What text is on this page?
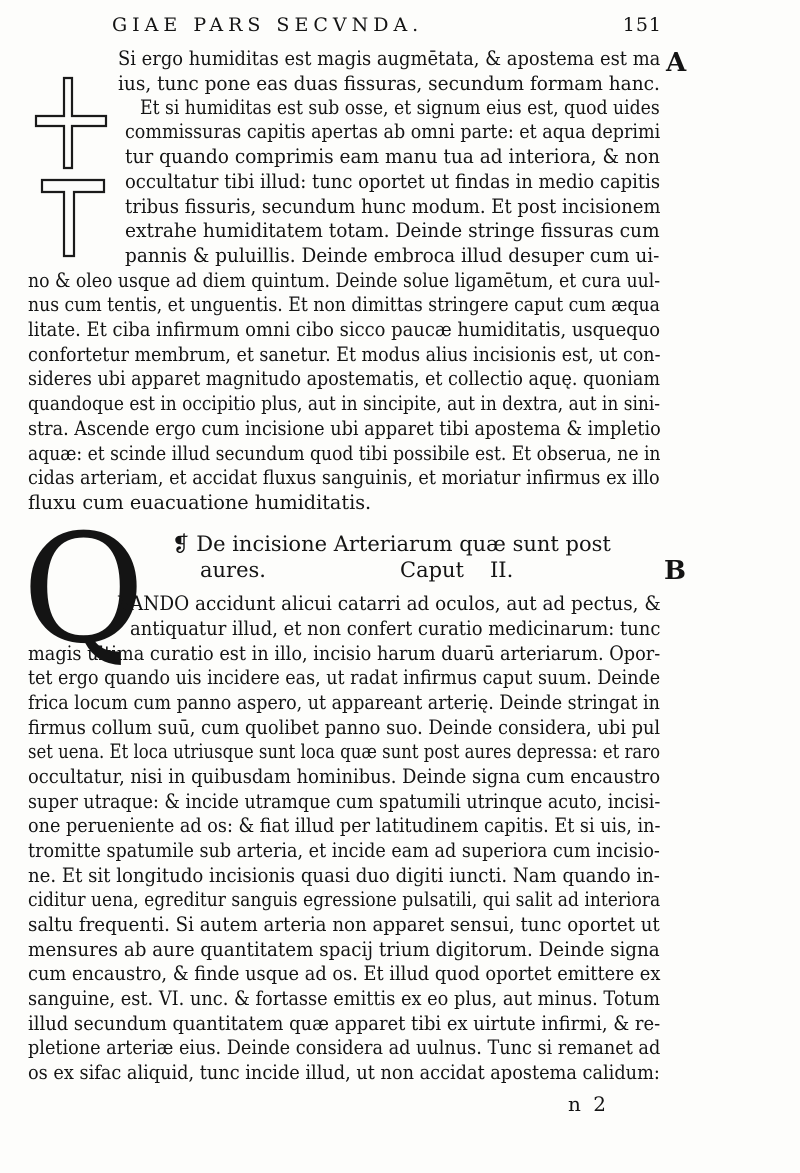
GIAE PARS SECVNDA.	151
A
B
Si ergo humiditas est magis augmētata, & apostema est ma
ius, tunc pone eas duas fissuras, secundum formam hanc.
Et si humiditas est sub osse, et signum eius est, quod uides
commissuras capitis apertas ab omni parte: et aqua deprimi
tur quando comprimis eam manu tua ad interiora, & non
occultatur tibi illud: tunc oportet ut findas in medio capitis
tribus fissuris, secundum hunc modum. Et post incisionem
extrahe humiditatem totam. Deinde stringe fissuras cum
pannis & puluillis. Deinde embroca illud desuper cum ui-
no & oleo usque ad diem quintum. Deinde solue ligamētum, et cura uul-
nus cum tentis, et unguentis. Et non dimittas stringere caput cum æqua
litate. Et ciba infirmum omni cibo sicco paucæ humiditatis, usquequo
confortetur membrum, et sanetur. Et modus alius incisionis est, ut con-
sideres ubi apparet magnitudo apostematis, et collectio aquę. quoniam
quandoque est in occipitio plus, aut in sincipite, aut in dextra, aut in sini-
stra. Ascende ergo cum incisione ubi apparet tibi apostema & impletio
aquæ: et scinde illud secundum quod tibi possibile est. Et obserua, ne in
cidas arteriam, et accidat fluxus sanguinis, et moriatur infirmus ex illo
fluxu cum euacuatione humiditatis.
❡ De incisione Arteriarum quæ sunt post
aures.	Caput II.
Q
VANDO accidunt alicui catarri ad oculos, aut ad pectus, &
antiquatur illud, et non confert curatio medicinarum: tunc
magis ultima curatio est in illo, incisio harum duarū arteriarum. Opor-
tet ergo quando uis incidere eas, ut radat infirmus caput suum. Deinde
frica locum cum panno aspero, ut appareant arterię. Deinde stringat in
firmus collum suū, cum quolibet panno suo. Deinde considera, ubi pul
set uena. Et loca utriusque sunt loca quæ sunt post aures depressa: et raro
occultatur, nisi in quibusdam hominibus. Deinde signa cum encaustro
super utraque: & incide utramque cum spatumili utrinque acuto, incisi-
one perueniente ad os: & fiat illud per latitudinem capitis. Et si uis, in-
tromitte spatumile sub arteria, et incide eam ad superiora cum incisio-
ne. Et sit longitudo incisionis quasi duo digiti iuncti. Nam quando in-
ciditur uena, egreditur sanguis egressione pulsatili, qui salit ad interiora
saltu frequenti. Si autem arteria non apparet sensui, tunc oportet ut
mensures ab aure quantitatem spacij trium digitorum. Deinde signa
cum encaustro, & finde usque ad os. Et illud quod oportet emittere ex
sanguine, est. VI. unc. & fortasse emittis ex eo plus, aut minus. Totum
illud secundum quantitatem quæ apparet tibi ex uirtute infirmi, & re-
pletione arteriæ eius. Deinde considera ad uulnus. Tunc si remanet ad
os ex sifac aliquid, tunc incide illud, ut non accidat apostema calidum:
n 2
